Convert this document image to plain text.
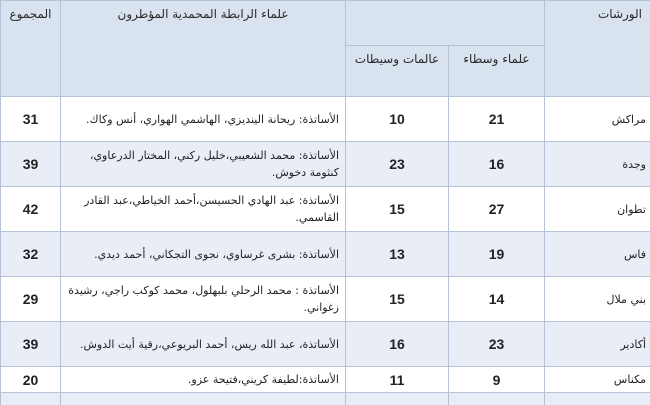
المجموع	علماء الرابطة المحمدية المؤطرون			الورشات
		عالمات وسيطات	علماء وسطاء	
31	الأساتذة: ريحانة الينديزي، الهاشمي الهواري، أنس وكاك.	10	21	مراكش
39	الأساتذة: محمد الشعيبي،خليل ركني، المختار الدرعاوي، كنثومة دخوش.	23	16	وجدة
42	الأساتذة: عبد الهادي الحسيسن،أحمد الخياطي،عبد القادر القاسمي.	15	27	تطوان
32	الأساتذة: بشرى غرساوي، نجوى التجكاني، أحمد ديدي.	13	19	فاس
29	الأساتذة : محمد الرحلي بلبهلول، محمد كوكب راجي، رشيدة زغواني.	15	14	بني ملال
39	الأساتذة، عبد الله ريس، أحمد البريوعي،رقية أيت الدوش.	16	23	أكادير
20	الأساتذة:لطيفة كريني،فتيحة عزو.	11	9	مكناس
